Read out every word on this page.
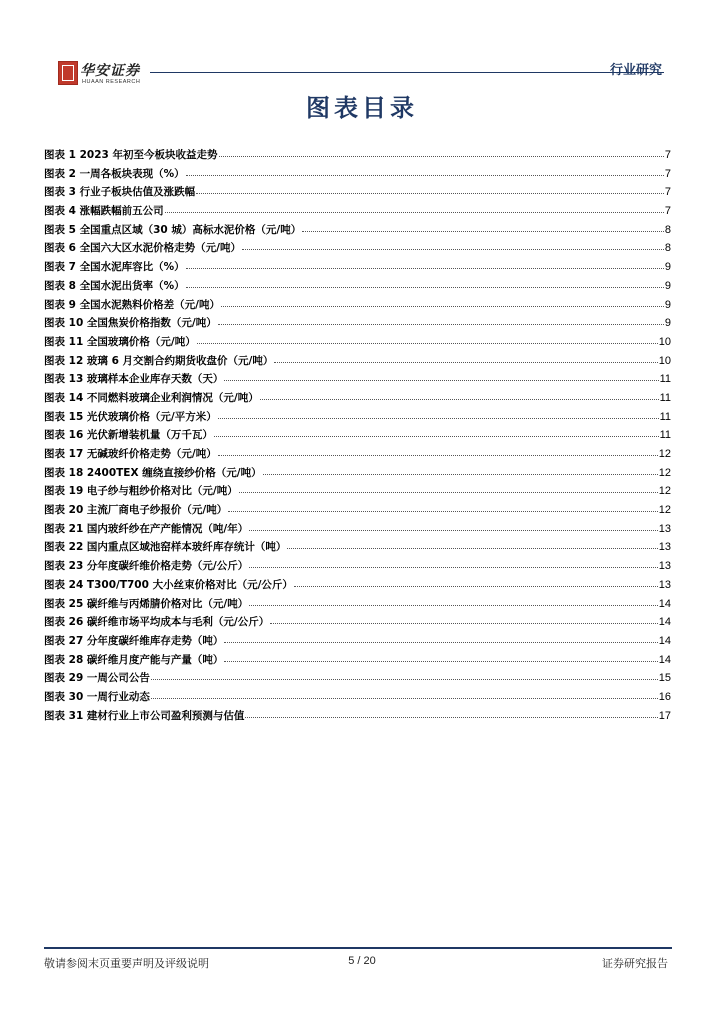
华安证券
HUAAN RESEARCH
行业研究
图表目录
图表 1 2023 年初至今板块收益走势	7
图表 2 一周各板块表现（%）	7
图表 3 行业子板块估值及涨跌幅	7
图表 4 涨幅跌幅前五公司	7
图表 5 全国重点区域（30 城）高标水泥价格（元/吨）	8
图表 6 全国六大区水泥价格走势（元/吨）	8
图表 7 全国水泥库容比（%）	9
图表 8 全国水泥出货率（%）	9
图表 9 全国水泥熟料价格差（元/吨）	9
图表 10 全国焦炭价格指数（元/吨）	9
图表 11 全国玻璃价格（元/吨）	10
图表 12 玻璃 6 月交割合约期货收盘价（元/吨）	10
图表 13 玻璃样本企业库存天数（天）	11
图表 14 不同燃料玻璃企业利润情况（元/吨）	11
图表 15 光伏玻璃价格（元/平方米）	11
图表 16 光伏新增装机量（万千瓦）	11
图表 17 无碱玻纤价格走势（元/吨）	12
图表 18 2400TEX 缠绕直接纱价格（元/吨）	12
图表 19 电子纱与粗纱价格对比（元/吨）	12
图表 20 主流厂商电子纱报价（元/吨）	12
图表 21 国内玻纤纱在产产能情况（吨/年）	13
图表 22 国内重点区域池窑样本玻纤库存统计（吨）	13
图表 23 分年度碳纤维价格走势（元/公斤）	13
图表 24 T300/T700 大小丝束价格对比（元/公斤）	13
图表 25 碳纤维与丙烯腈价格对比（元/吨）	14
图表 26 碳纤维市场平均成本与毛利（元/公斤）	14
图表 27 分年度碳纤维库存走势（吨）	14
图表 28 碳纤维月度产能与产量（吨）	14
图表 29 一周公司公告	15
图表 30 一周行业动态	16
图表 31 建材行业上市公司盈利预测与估值	17
敬请参阅末页重要声明及评级说明	5 / 20	证券研究报告
